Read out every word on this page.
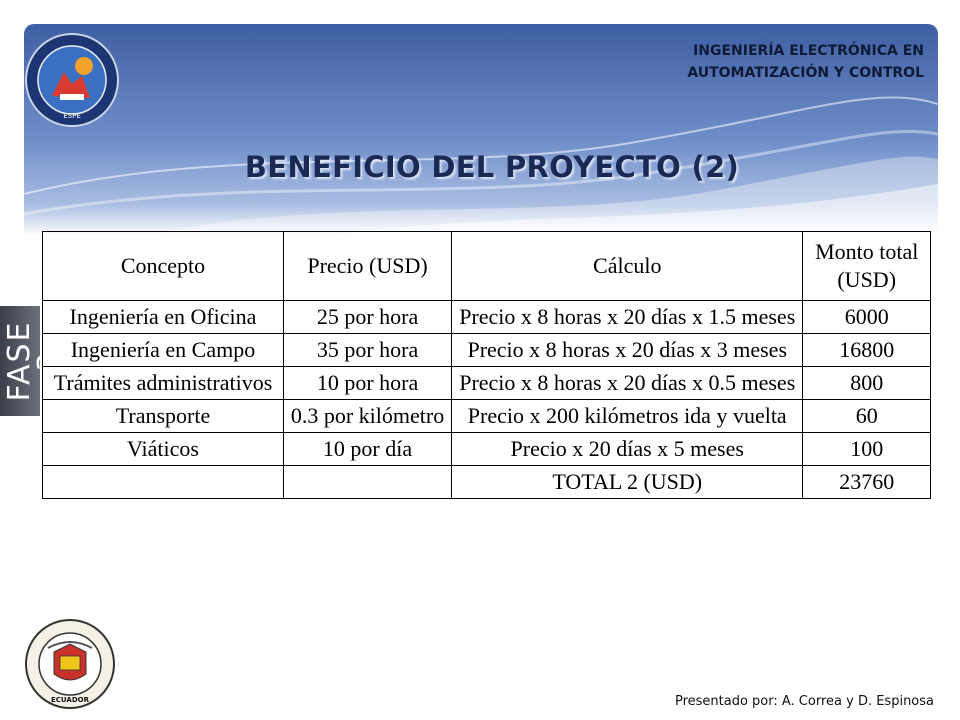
ESPE
INGENIERÍA ELECTRÓNICA EN
AUTOMATIZACIÓN Y CONTROL
BENEFICIO DEL PROYECTO (2)
FASE 3
Concepto	Precio (USD)	Cálculo	Monto total (USD)
Ingeniería en Oficina	25 por hora	Precio x 8 horas x 20 días x 1.5 meses	6000
Ingeniería en Campo	35 por hora	Precio x 8 horas x 20 días x 3 meses	16800
Trámites administrativos	10 por hora	Precio x 8 horas x 20 días x 0.5 meses	800
Transporte	0.3 por kilómetro	Precio x 200 kilómetros ida y vuelta	60
Viáticos	10 por día	Precio x 20 días x 5 meses	100
		TOTAL 2 (USD)	23760
ECUADOR	Presentado por: A. Correa y D. Espinosa
